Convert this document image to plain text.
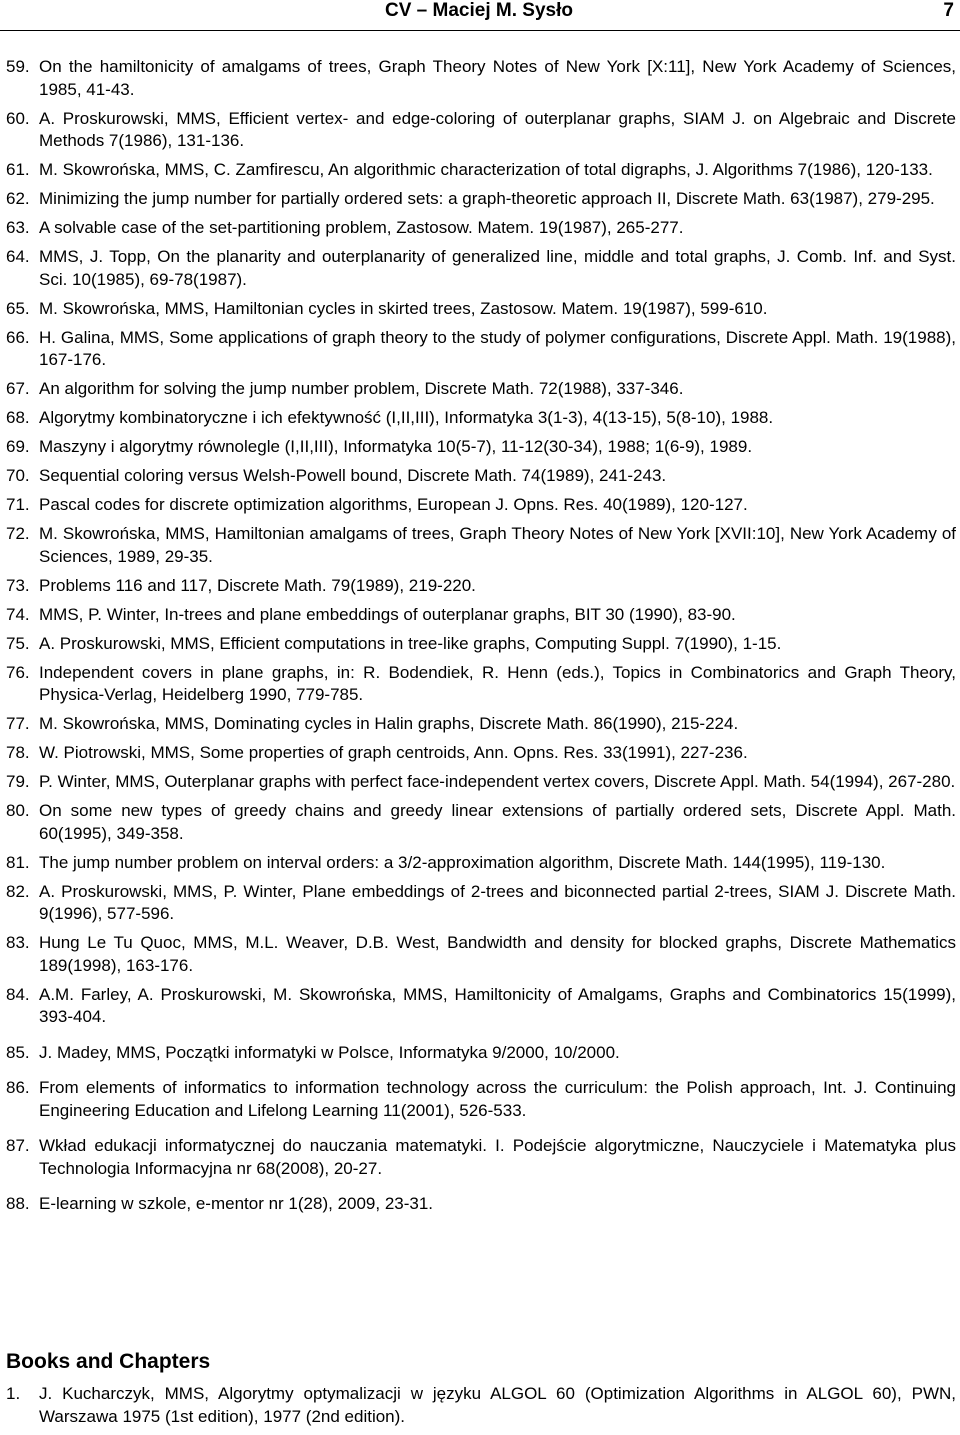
CV – Maciej M. Sysło	7
59. On the hamiltonicity of amalgams of trees, Graph Theory Notes of New York [X:11], New York Academy of Sciences, 1985, 41-43.
60. A. Proskurowski, MMS, Efficient vertex- and edge-coloring of outerplanar graphs, SIAM J. on Algebraic and Discrete Methods 7(1986), 131-136.
61. M. Skowrońska, MMS, C. Zamfirescu, An algorithmic characterization of total digraphs, J. Algorithms 7(1986), 120-133.
62. Minimizing the jump number for partially ordered sets: a graph-theoretic approach II, Discrete Math. 63(1987), 279-295.
63. A solvable case of the set-partitioning problem, Zastosow. Matem. 19(1987), 265-277.
64. MMS, J. Topp, On the planarity and outerplanarity of generalized line, middle and total graphs, J. Comb. Inf. and Syst. Sci. 10(1985), 69-78(1987).
65. M. Skowrońska, MMS, Hamiltonian cycles in skirted trees, Zastosow. Matem. 19(1987), 599-610.
66. H. Galina, MMS, Some applications of graph theory to the study of polymer configurations, Discrete Appl. Math. 19(1988), 167-176.
67. An algorithm for solving the jump number problem, Discrete Math. 72(1988), 337-346.
68. Algorytmy kombinatoryczne i ich efektywność (I,II,III), Informatyka 3(1-3), 4(13-15), 5(8-10), 1988.
69. Maszyny i algorytmy równolegle (I,II,III), Informatyka 10(5-7), 11-12(30-34), 1988; 1(6-9), 1989.
70. Sequential coloring versus Welsh-Powell bound, Discrete Math. 74(1989), 241-243.
71. Pascal codes for discrete optimization algorithms, European J. Opns. Res. 40(1989), 120-127.
72. M. Skowrońska, MMS, Hamiltonian amalgams of trees, Graph Theory Notes of New York [XVII:10], New York Academy of Sciences, 1989, 29-35.
73. Problems 116 and 117, Discrete Math. 79(1989), 219-220.
74. MMS, P. Winter, In-trees and plane embeddings of outerplanar graphs, BIT 30 (1990), 83-90.
75. A. Proskurowski, MMS, Efficient computations in tree-like graphs, Computing Suppl. 7(1990), 1-15.
76. Independent covers in plane graphs, in: R. Bodendiek, R. Henn (eds.), Topics in Combinatorics and Graph Theory, Physica-Verlag, Heidelberg 1990, 779-785.
77. M. Skowrońska, MMS, Dominating cycles in Halin graphs, Discrete Math. 86(1990), 215-224.
78. W. Piotrowski, MMS, Some properties of graph centroids, Ann. Opns. Res. 33(1991), 227-236.
79. P. Winter, MMS, Outerplanar graphs with perfect face-independent vertex covers, Discrete Appl. Math. 54(1994), 267-280.
80. On some new types of greedy chains and greedy linear extensions of partially ordered sets, Discrete Appl. Math. 60(1995), 349-358.
81. The jump number problem on interval orders: a 3/2-approximation algorithm, Discrete Math. 144(1995), 119-130.
82. A. Proskurowski, MMS, P. Winter, Plane embeddings of 2-trees and biconnected partial 2-trees, SIAM J. Discrete Math. 9(1996), 577-596.
83. Hung Le Tu Quoc, MMS, M.L. Weaver, D.B. West, Bandwidth and density for blocked graphs, Discrete Mathematics 189(1998), 163-176.
84. A.M. Farley, A. Proskurowski, M. Skowrońska, MMS, Hamiltonicity of Amalgams, Graphs and Combinatorics 15(1999), 393-404.
85. J. Madey, MMS, Początki informatyki w Polsce, Informatyka 9/2000, 10/2000.
86. From elements of informatics to information technology across the curriculum: the Polish approach, Int. J. Continuing Engineering Education and Lifelong Learning 11(2001), 526-533.
87. Wkład edukacji informatycznej do nauczania matematyki. I. Podejście algorytmiczne, Nauczyciele i Matematyka plus Technologia Informacyjna nr 68(2008), 20-27.
88. E-learning w szkole, e-mentor nr 1(28), 2009, 23-31.
Books and Chapters
1. J. Kucharczyk, MMS, Algorytmy optymalizacji w języku ALGOL 60 (Optimization Algorithms in ALGOL 60), PWN, Warszawa 1975 (1st edition), 1977 (2nd edition).
